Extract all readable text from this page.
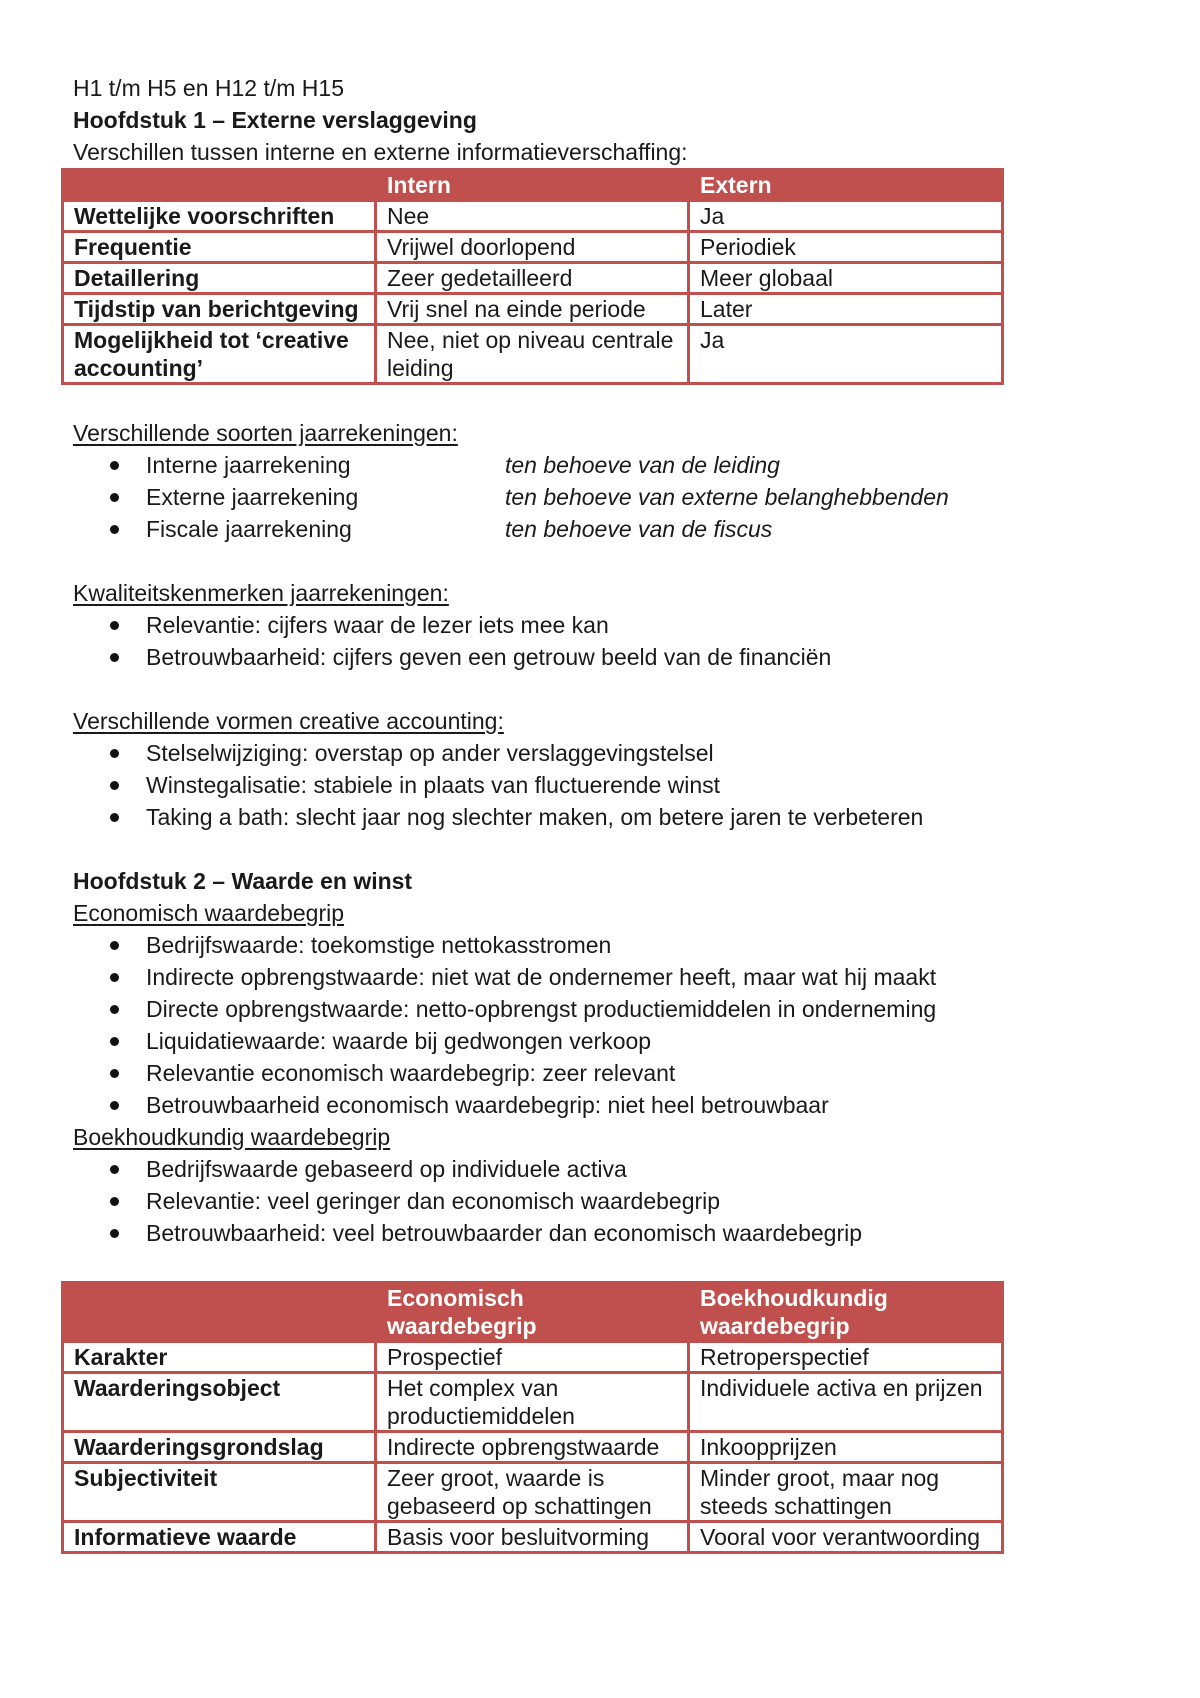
H1 t/m H5 en H12 t/m H15
Hoofdstuk 1 – Externe verslaggeving
Verschillen tussen interne en externe informatieverschaffing:
	Intern	Extern
Wettelijke voorschriften	Nee	Ja
Frequentie	Vrijwel doorlopend	Periodiek
Detaillering	Zeer gedetailleerd	Meer globaal
Tijdstip van berichtgeving	Vrij snel na einde periode	Later
Mogelijkheid tot ‘creative accounting’	Nee, niet op niveau centrale leiding	Ja
Verschillende soorten jaarrekeningen:
Interne jaarrekening	ten behoeve van de leiding
Externe jaarrekening	ten behoeve van externe belanghebbenden
Fiscale jaarrekening	ten behoeve van de fiscus
Kwaliteitskenmerken jaarrekeningen:
Relevantie: cijfers waar de lezer iets mee kan
Betrouwbaarheid: cijfers geven een getrouw beeld van de financiën
Verschillende vormen creative accounting:
Stelselwijziging: overstap op ander verslaggevingstelsel
Winstegalisatie: stabiele in plaats van fluctuerende winst
Taking a bath: slecht jaar nog slechter maken, om betere jaren te verbeteren
Hoofdstuk 2 – Waarde en winst
Economisch waardebegrip
Bedrijfswaarde: toekomstige nettokasstromen
Indirecte opbrengstwaarde: niet wat de ondernemer heeft, maar wat hij maakt
Directe opbrengstwaarde: netto-opbrengst productiemiddelen in onderneming
Liquidatiewaarde: waarde bij gedwongen verkoop
Relevantie economisch waardebegrip: zeer relevant
Betrouwbaarheid economisch waardebegrip: niet heel betrouwbaar
Boekhoudkundig waardebegrip
Bedrijfswaarde gebaseerd op individuele activa
Relevantie: veel geringer dan economisch waardebegrip
Betrouwbaarheid: veel betrouwbaarder dan economisch waardebegrip
	Economisch waardebegrip	Boekhoudkundig waardebegrip
Karakter	Prospectief	Retroperspectief
Waarderingsobject	Het complex van productiemiddelen	Individuele activa en prijzen
Waarderingsgrondslag	Indirecte opbrengstwaarde	Inkoopprijzen
Subjectiviteit	Zeer groot, waarde is gebaseerd op schattingen	Minder groot, maar nog steeds schattingen
Informatieve waarde	Basis voor besluitvorming	Vooral voor verantwoording
